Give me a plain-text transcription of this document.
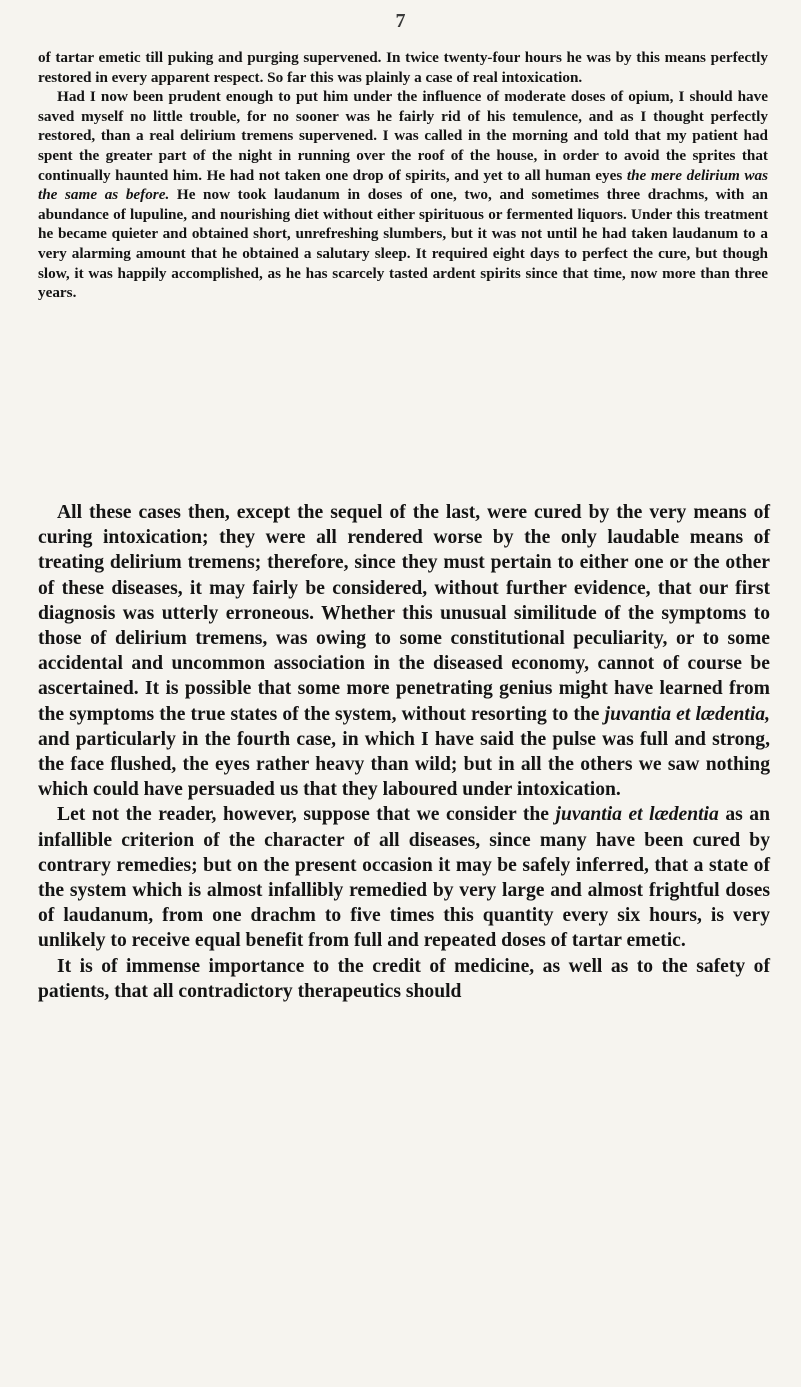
7

of tartar emetic till puking and purging supervened. In twice twenty-four hours he was by this means perfectly restored in every apparent respect. So far this was plainly a case of real intoxication.

Had I now been prudent enough to put him under the influence of moderate doses of opium, I should have saved myself no little trouble, for no sooner was he fairly rid of his temulence, and as I thought perfectly restored, than a real delirium tremens supervened. I was called in the morning and told that my patient had spent the greater part of the night in running over the roof of the house, in order to avoid the sprites that continually haunted him. He had not taken one drop of spirits, and yet to all human eyes the mere delirium was the same as before. He now took laudanum in doses of one, two, and sometimes three drachms, with an abundance of lupuline, and nourishing diet without either spirituous or fermented liquors. Under this treatment he became quieter and obtained short, unrefreshing slumbers, but it was not until he had taken laudanum to a very alarming amount that he obtained a salutary sleep. It required eight days to perfect the cure, but though slow, it was happily accomplished, as he has scarcely tasted ardent spirits since that time, now more than three years.

All these cases then, except the sequel of the last, were cured by the very means of curing intoxication; they were all rendered worse by the only laudable means of treating delirium tremens; therefore, since they must pertain to either one or the other of these diseases, it may fairly be considered, without further evidence, that our first diagnosis was utterly erroneous. Whether this unusual similitude of the symptoms to those of delirium tremens, was owing to some constitutional peculiarity, or to some accidental and uncommon association in the diseased economy, cannot of course be ascertained. It is possible that some more penetrating genius might have learned from the symptoms the true states of the system, without resorting to the juvantia et lædentia, and particularly in the fourth case, in which I have said the pulse was full and strong, the face flushed, the eyes rather heavy than wild; but in all the others we saw nothing which could have persuaded us that they laboured under intoxication.

Let not the reader, however, suppose that we consider the juvantia et lædentia as an infallible criterion of the character of all diseases, since many have been cured by contrary remedies; but on the present occasion it may be safely inferred, that a state of the system which is almost infallibly remedied by very large and almost frightful doses of laudanum, from one drachm to five times this quantity every six hours, is very unlikely to receive equal benefit from full and repeated doses of tartar emetic.

It is of immense importance to the credit of medicine, as well as to the safety of patients, that all contradictory therapeutics should
